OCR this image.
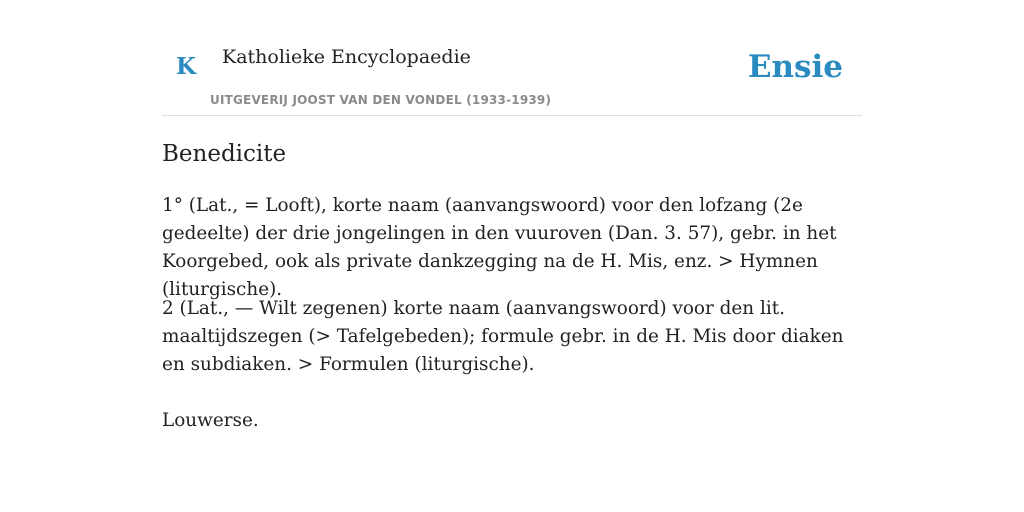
K Katholieke Encyclopaedie
UITGEVERIJ JOOST VAN DEN VONDEL (1933-1939)
Ensie
Benedicite

1° (Lat., = Looft), korte naam (aanvangswoord) voor den lofzang (2e gedeelte) der drie jongelingen in den vuuroven (Dan. 3. 57), gebr. in het Koorgebed, ook als private dankzegging na de H. Mis, enz. > Hymnen (liturgische).

2 (Lat., — Wilt zegenen) korte naam (aanvangswoord) voor den lit. maaltijdszegen (> Tafelgebeden); formule gebr. in de H. Mis door diaken en subdiaken. > Formulen (liturgische).

Louwerse.
